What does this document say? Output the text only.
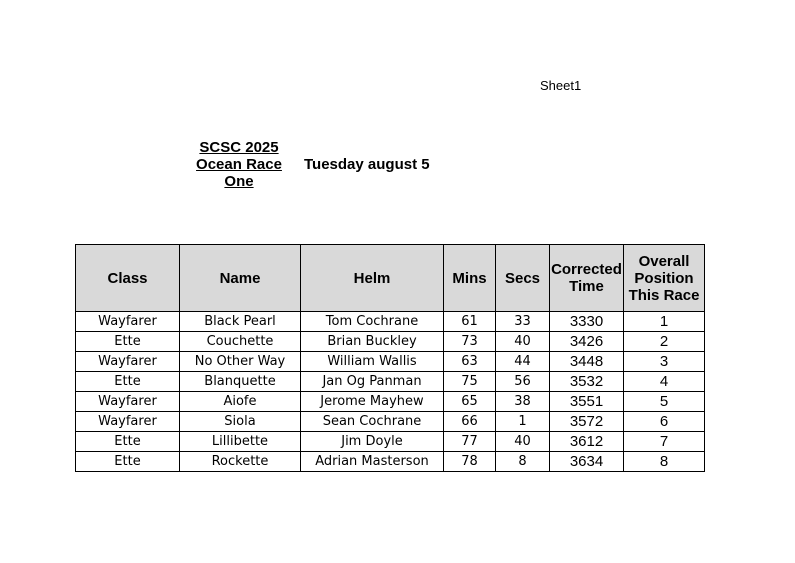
Sheet1
SCSC 2025 Ocean Race One
Tuesday august 5
Class	Name	Helm	Mins	Secs	Corrected Time	Overall Position This Race
Wayfarer	Black Pearl	Tom Cochrane	61	33	3330	1
Ette	Couchette	Brian Buckley	73	40	3426	2
Wayfarer	No Other Way	William Wallis	63	44	3448	3
Ette	Blanquette	Jan Og Panman	75	56	3532	4
Wayfarer	Aiofe	Jerome Mayhew	65	38	3551	5
Wayfarer	Siola	Sean Cochrane	66	1	3572	6
Ette	Lillibette	Jim Doyle	77	40	3612	7
Ette	Rockette	Adrian Masterson	78	8	3634	8
